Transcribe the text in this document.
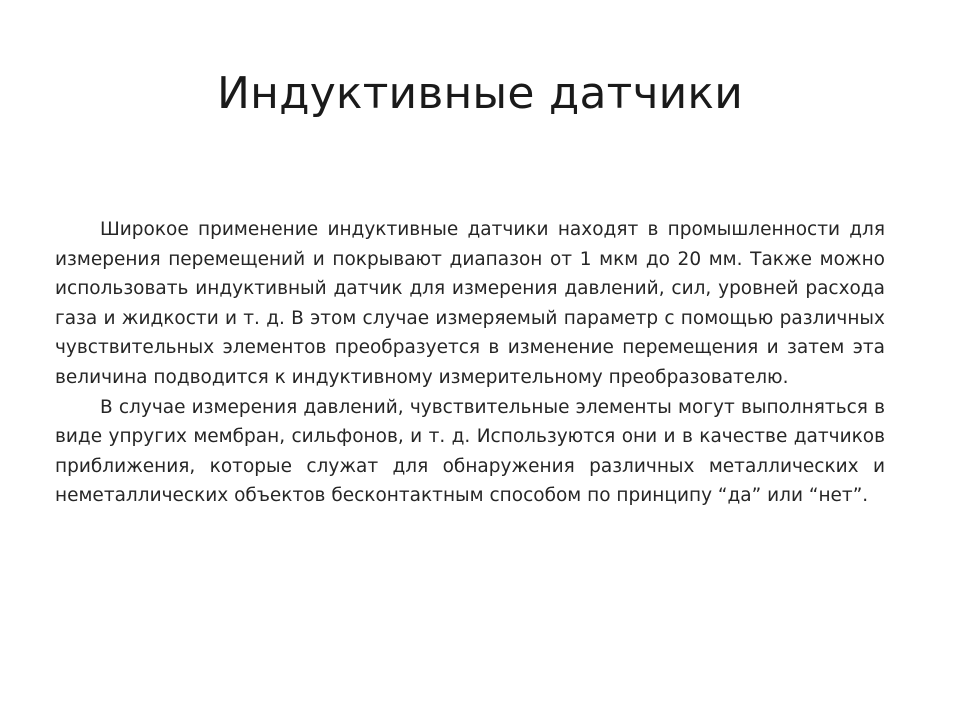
Индуктивные датчики

Широкое применение индуктивные датчики находят в промышленности для измерения перемещений и покрывают диапазон от 1 мкм до 20 мм. Также можно использовать индуктивный датчик для измерения давлений, сил, уровней расхода газа и жидкости и т. д. В этом случае измеряемый параметр с помощью различных чувствительных элементов преобразуется в изменение перемещения и затем эта величина подводится к индуктивному измерительному преобразователю.

В случае измерения давлений, чувствительные элементы могут выполняться в виде упругих мембран, сильфонов, и т. д. Используются они и в качестве датчиков приближения, которые служат для обнаружения различных металлических и неметаллических объектов бесконтактным способом по принципу “да” или “нет”.
